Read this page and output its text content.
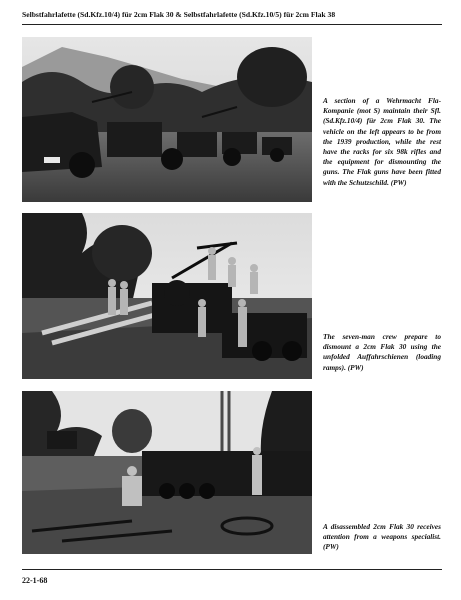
Selbstfahrlafette (Sd.Kfz.10/4) für 2cm Flak 30 & Selbstfahrlafette (Sd.Kfz.10/5) für 2cm Flak 38
A section of a Wehrmacht Fla-Kompanie (mot S) maintain their Sfl. (Sd.Kfz.10/4) für 2cm Flak 30. The vehicle on the left appears to be from the 1939 production, while the rest have the racks for six 98k rifles and the equipment for dismounting the guns. The Flak guns have been fitted with the Schutzschild. (PW)
The seven-man crew prepare to dismount a 2cm Flak 30 using the unfolded Auffahrschienen (loading ramps). (PW)
A disassembled 2cm Flak 30 receives attention from a weapons specialist. (PW)
22-1-68
